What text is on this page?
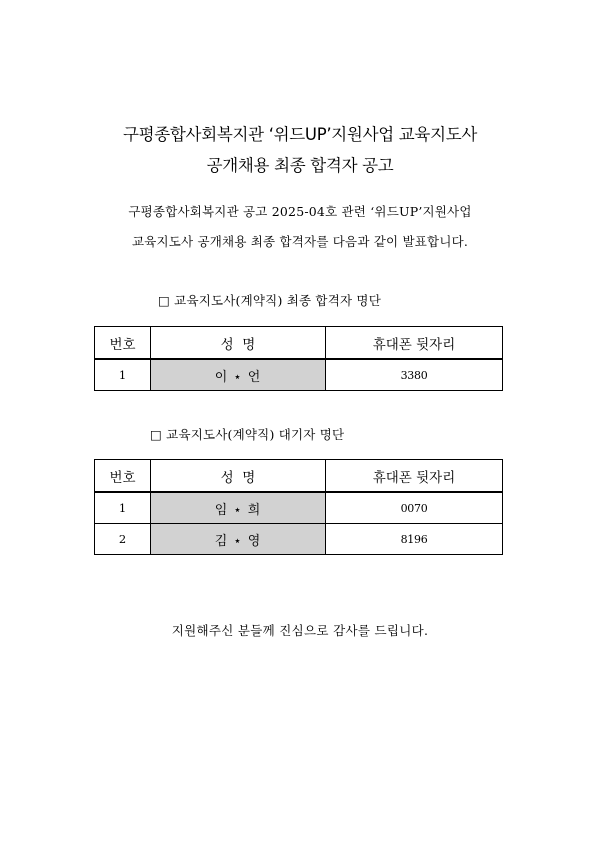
구평종합사회복지관 ‘위드UP’지원사업 교육지도사
공개채용 최종 합격자 공고
구평종합사회복지관 공고 2025-04호 관련 ‘위드UP’지원사업
교육지도사 공개채용 최종 합격자를 다음과 같이 발표합니다.
□ 교육지도사(계약직) 최종 합격자 명단
번호	성  명	휴대폰 뒷자리
1	이 ⋆ 언	3380
□ 교육지도사(계약직) 대기자 명단
번호	성  명	휴대폰 뒷자리
1	임 ⋆ 희	0070
2	김 ⋆ 영	8196
지원해주신 분들께 진심으로 감사를 드립니다.
